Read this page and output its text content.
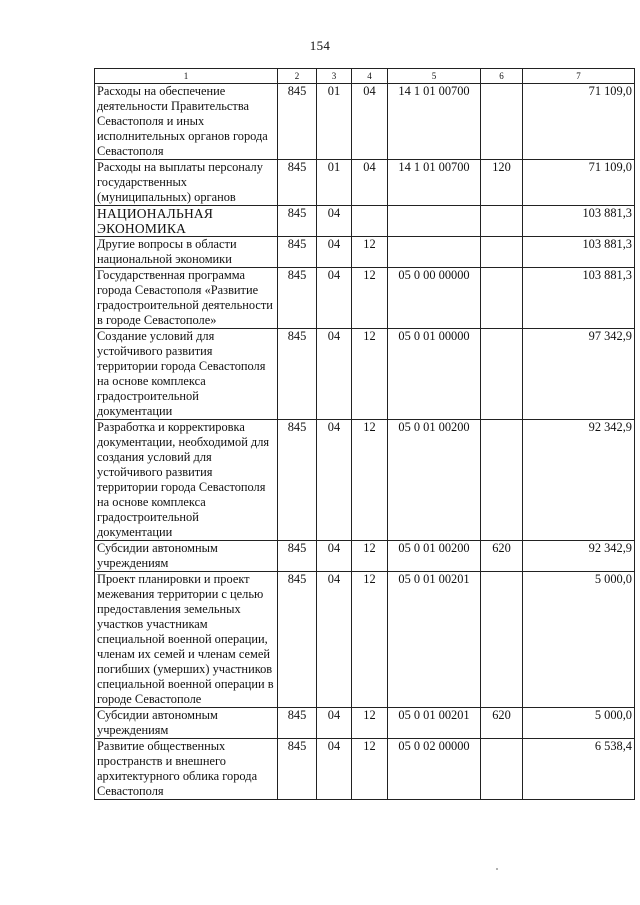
154
1	2	3	4	5	6	7
Расходы на обеспечение деятельности Правительства Севастополя и иных исполнительных органов города Севастополя	845	01	04	14 1 01 00700		71 109,0
Расходы на выплаты персоналу государственных (муниципальных) органов	845	01	04	14 1 01 00700	120	71 109,0
НАЦИОНАЛЬНАЯ ЭКОНОМИКА	845	04				103 881,3
Другие вопросы в области национальной экономики	845	04	12			103 881,3
Государственная программа города Севастополя «Развитие градостроительной деятельности в городе Севастополе»	845	04	12	05 0 00 00000		103 881,3
Создание условий для устойчивого развития территории города Севастополя на основе комплекса градостроительной документации	845	04	12	05 0 01 00000		97 342,9
Разработка и корректировка документации, необходимой для создания условий для устойчивого развития территории города Севастополя на основе комплекса градостроительной документации	845	04	12	05 0 01 00200		92 342,9
Субсидии автономным учреждениям	845	04	12	05 0 01 00200	620	92 342,9
Проект планировки и проект межевания территории с целью предоставления земельных участков участникам специальной военной операции, членам их семей и членам семей погибших (умерших) участников специальной военной операции в городе Севастополе	845	04	12	05 0 01 00201		5 000,0
Субсидии автономным учреждениям	845	04	12	05 0 01 00201	620	5 000,0
Развитие общественных пространств и внешнего архитектурного облика города Севастополя	845	04	12	05 0 02 00000		6 538,4
